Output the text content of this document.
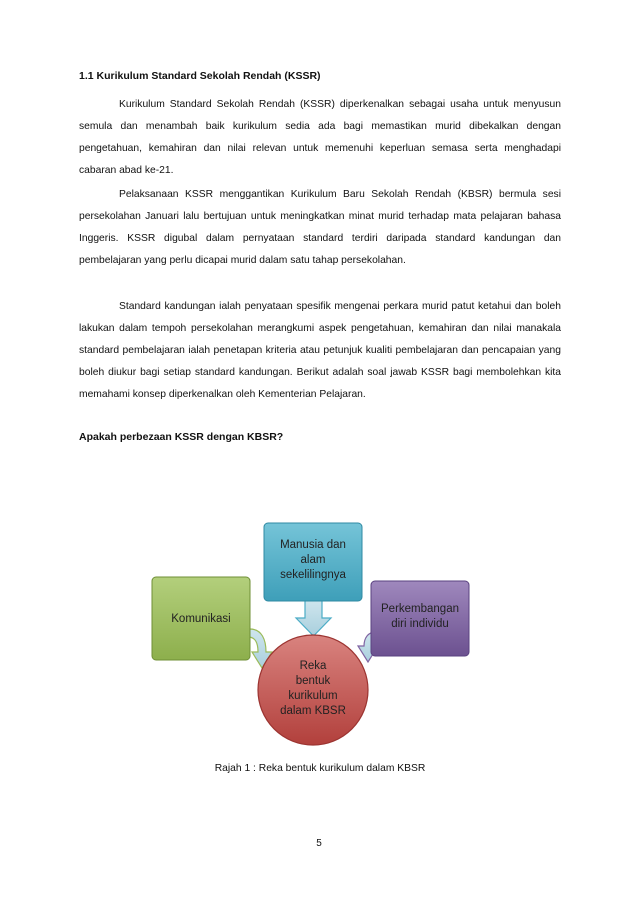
1.1 Kurikulum Standard Sekolah Rendah (KSSR)

Kurikulum Standard Sekolah Rendah (KSSR) diperkenalkan sebagai usaha untuk menyusun semula dan menambah baik kurikulum sedia ada bagi memastikan murid dibekalkan dengan pengetahuan, kemahiran dan nilai relevan untuk memenuhi keperluan semasa serta menghadapi cabaran abad ke-21.

Pelaksanaan KSSR menggantikan Kurikulum Baru Sekolah Rendah (KBSR) bermula sesi persekolahan Januari lalu bertujuan untuk meningkatkan minat murid terhadap mata pelajaran bahasa Inggeris. KSSR digubal dalam pernyataan standard terdiri daripada standard kandungan dan pembelajaran yang perlu dicapai murid dalam satu tahap persekolahan.

Standard kandungan ialah penyataan spesifik mengenai perkara murid patut ketahui dan boleh lakukan dalam tempoh persekolahan merangkumi aspek pengetahuan, kemahiran dan nilai manakala standard pembelajaran ialah penetapan kriteria atau petunjuk kualiti pembelajaran dan pencapaian yang boleh diukur bagi setiap standard kandungan. Berikut adalah soal jawab KSSR bagi membolehkan kita memahami konsep diperkenalkan oleh Kementerian Pelajaran.

Apakah perbezaan KSSR dengan KBSR?

Komunikasi
Manusia dan alam sekelilingnya
Perkembangan diri individu
Reka bentuk kurikulum dalam KBSR

Rajah 1 : Reka bentuk kurikulum dalam KBSR

5
